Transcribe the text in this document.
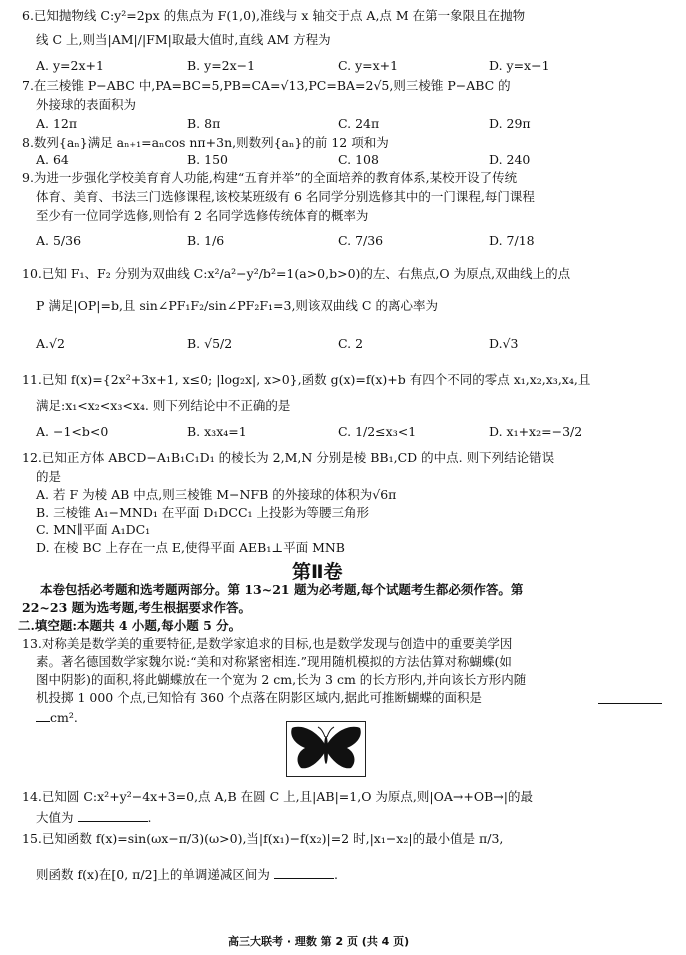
6.已知抛物线 C:y²=2px 的焦点为 F(1,0),准线与 x 轴交于点 A,点 M 在第一象限且在抛物
线 C 上,则当|AM|/|FM|取最大值时,直线 AM 方程为
A. y=2x+1	B. y=2x−1	C. y=x+1	D. y=x−1
7.在三棱锥 P−ABC 中,PA=BC=5,PB=CA=√13,PC=BA=2√5,则三棱锥 P−ABC 的
外接球的表面积为
A. 12π	B. 8π	C. 24π	D. 29π
8.数列{aₙ}满足 aₙ₊₁=aₙcos nπ+3n,则数列{aₙ}的前 12 项和为
A. 64	B. 150	C. 108	D. 240
9.为进一步强化学校美育育人功能,构建“五育并举”的全面培养的教育体系,某校开设了传统
体育、美育、书法三门选修课程,该校某班级有 6 名同学分别选修其中的一门课程,每门课程
至少有一位同学选修,则恰有 2 名同学选修传统体育的概率为
A. 5/36	B. 1/6	C. 7/36	D. 7/18
10.已知 F₁、F₂ 分别为双曲线 C:x²/a²−y²/b²=1(a>0,b>0)的左、右焦点,O 为原点,双曲线上的点
P 满足|OP|=b,且 sin∠PF₁F₂/sin∠PF₂F₁=3,则该双曲线 C 的离心率为
A.√2	B. √5/2	C. 2	D.√3
11.已知 f(x)={2x²+3x+1, x≤0; |log₂x|, x>0},函数 g(x)=f(x)+b 有四个不同的零点 x₁,x₂,x₃,x₄,且
满足:x₁<x₂<x₃<x₄. 则下列结论中不正确的是
A. −1<b<0	B. x₃x₄=1	C. 1/2≤x₃<1	D. x₁+x₂=−3/2
12.已知正方体 ABCD−A₁B₁C₁D₁ 的棱长为 2,M,N 分别是棱 BB₁,CD 的中点. 则下列结论错误
的是
A. 若 F 为棱 AB 中点,则三棱锥 M−NFB 的外接球的体积为√6π
B. 三棱锥 A₁−MND₁ 在平面 D₁DCC₁ 上投影为等腰三角形
C. MN∥平面 A₁DC₁
D. 在棱 BC 上存在一点 E,使得平面 AEB₁⊥平面 MNB
第Ⅱ卷
本卷包括必考题和选考题两部分。第 13~21 题为必考题,每个试题考生都必须作答。第
22~23 题为选考题,考生根据要求作答。
二.填空题:本题共 4 小题,每小题 5 分。
13.对称美是数学美的重要特征,是数学家追求的目标,也是数学发现与创造中的重要美学因
素。著名德国数学家魏尔说:“美和对称紧密相连.”现用随机模拟的方法估算对称蝴蝶(如
图中阴影)的面积,将此蝴蝶放在一个宽为 2 cm,长为 3 cm 的长方形内,并向该长方形内随
机投掷 1 000 个点,已知恰有 360 个点落在阴影区域内,据此可推断蝴蝶的面积是
cm².
14.已知圆 C:x²+y²−4x+3=0,点 A,B 在圆 C 上,且|AB|=1,O 为原点,则|OA→+OB→|的最
大值为	.
15.已知函数 f(x)=sin(ωx−π/3)(ω>0),当|f(x₁)−f(x₂)|=2 时,|x₁−x₂|的最小值是 π/3,
则函数 f(x)在[0, π/2]上的单调递减区间为	.
高三大联考 · 理数 第 2 页 (共 4 页)
